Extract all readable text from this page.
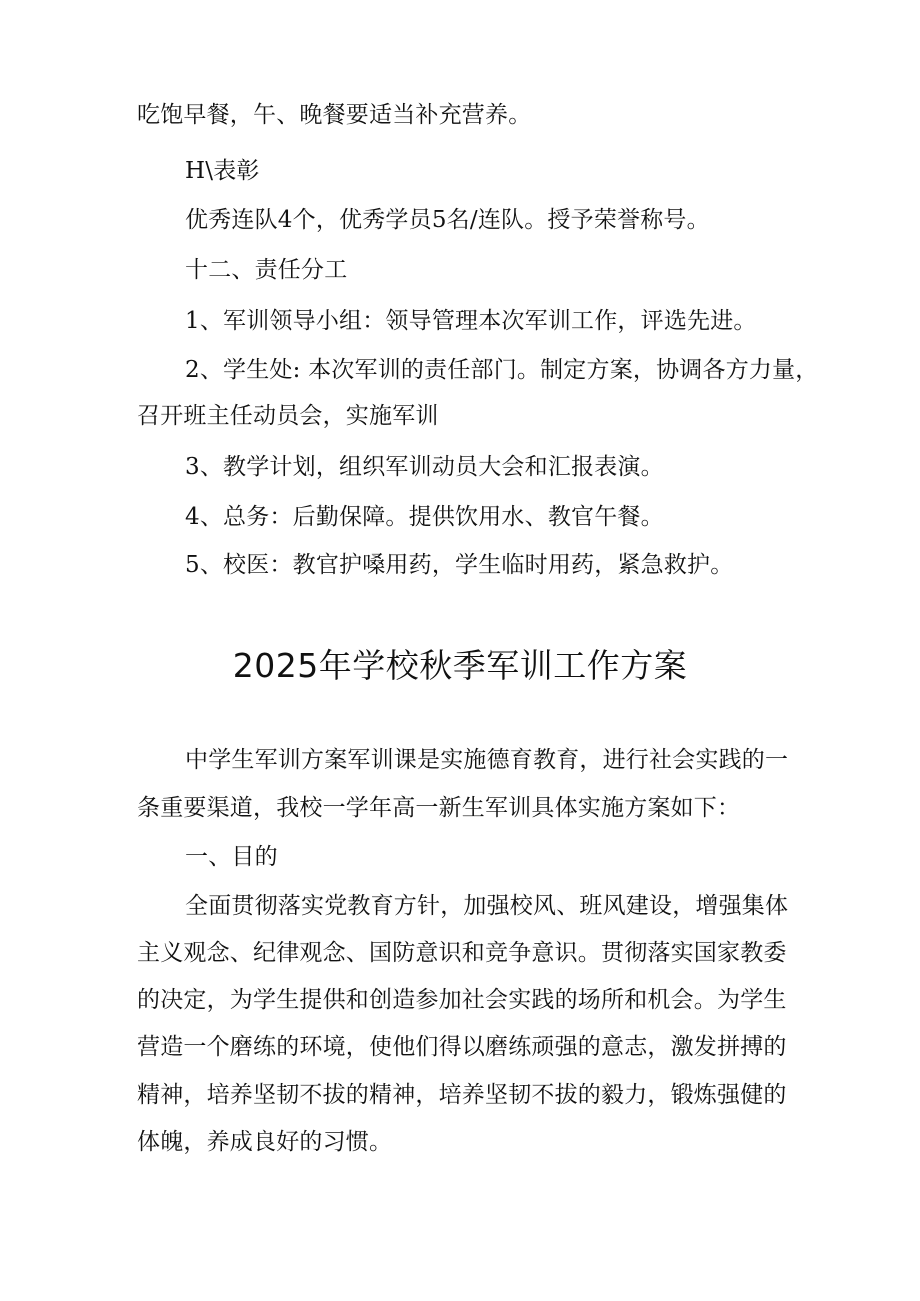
吃饱早餐，午、晚餐要适当补充营养。
H\表彰
优秀连队4个，优秀学员5名/连队。授予荣誉称号。
十二、责任分工
1、军训领导小组：领导管理本次军训工作，评选先进。
2、学生处: 本次军训的责任部门。制定方案，协调各方力量，
召开班主任动员会，实施军训
3、教学计划，组织军训动员大会和汇报表演。
4、总务：后勤保障。提供饮用水、教官午餐。
5、校医：教官护嗓用药，学生临时用药，紧急救护。
2025年学校秋季军训工作方案
中学生军训方案军训课是实施德育教育，进行社会实践的一
条重要渠道，我校一学年高一新生军训具体实施方案如下：
一、目的
全面贯彻落实党教育方针，加强校风、班风建设，增强集体
主义观念、纪律观念、国防意识和竞争意识。贯彻落实国家教委
的决定，为学生提供和创造参加社会实践的场所和机会。为学生
营造一个磨练的环境，使他们得以磨练顽强的意志，激发拼搏的
精神，培养坚韧不拔的精神，培养坚韧不拔的毅力，锻炼强健的
体魄，养成良好的习惯。
